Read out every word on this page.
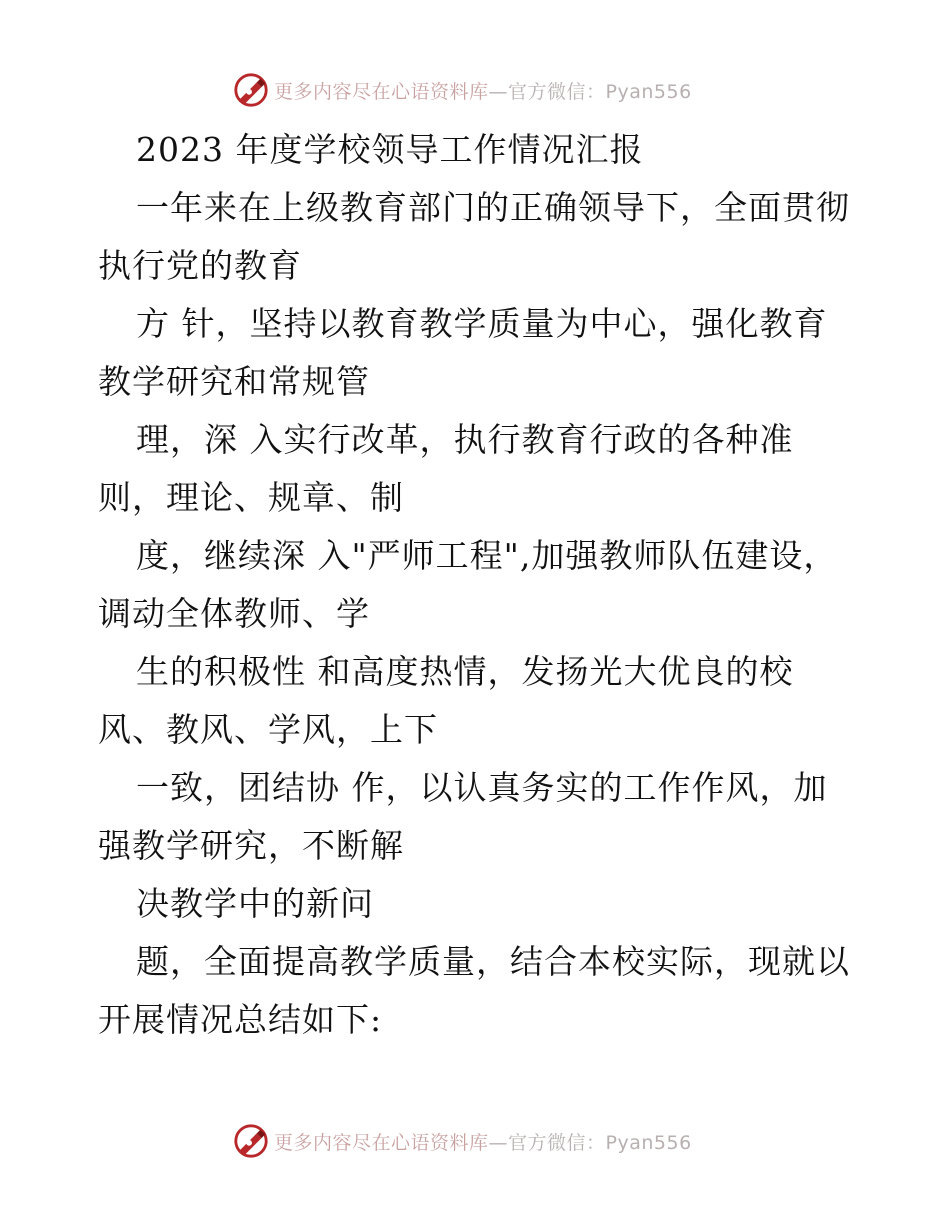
更多内容尽在心语资料库—官方微信：Pyan556
2023 年度学校领导工作情况汇报
一年来在上级教育部门的正确领导下，全面贯彻
执行党的教育
方 针，坚持以教育教学质量为中心，强化教育
教学研究和常规管
理，深 入实行改革，执行教育行政的各种准
则，理论、规章、制
度，继续深 入"严师工程",加强教师队伍建设，
调动全体教师、学
生的积极性 和高度热情，发扬光大优良的校
风、教风、学风，上下
一致，团结协 作，以认真务实的工作作风，加
强教学研究，不断解
决教学中的新问
题，全面提高教学质量，结合本校实际，现就以
开展情况总结如下:
更多内容尽在心语资料库—官方微信：Pyan556
